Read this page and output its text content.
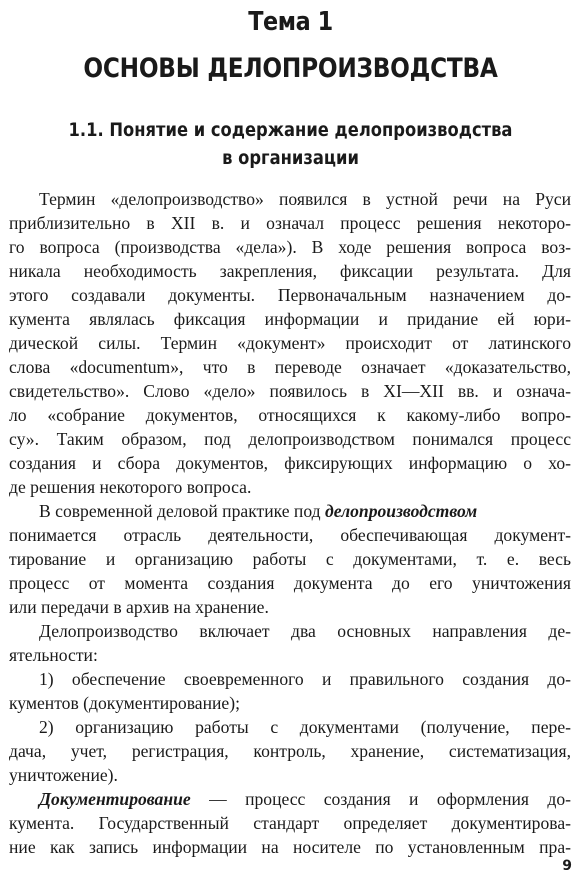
Тема 1
ОСНОВЫ ДЕЛОПРОИЗВОДСТВА
1.1. Понятие и содержание делопроизводства
в организации
Термин «делопроизводство» появился в устной речи на Руси
приблизительно в XII в. и означал процесс решения некоторо-
го вопроса (производства «дела»). В ходе решения вопроса воз-
никала необходимость закрепления, фиксации результата. Для
этого создавали документы. Первоначальным назначением до-
кумента являлась фиксация информации и придание ей юри-
дической силы. Термин «документ» происходит от латинского
слова «documentum», что в переводе означает «доказательство,
свидетельство». Слово «дело» появилось в XI—XII вв. и означа-
ло «собрание документов, относящихся к какому-либо вопро-
су». Таким образом, под делопроизводством понимался процесс
создания и сбора документов, фиксирующих информацию о хо-
де решения некоторого вопроса.
В современной деловой практике под делопроизводством
понимается отрасль деятельности, обеспечивающая документ-
тирование и организацию работы с документами, т. е. весь
процесс от момента создания документа до его уничтожения
или передачи в архив на хранение.
Делопроизводство включает два основных направления де-
ятельности:
1) обеспечение своевременного и правильного создания до-
кументов (документирование);
2) организацию работы с документами (получение, пере-
дача, учет, регистрация, контроль, хранение, систематизация,
уничтожение).
Документирование — процесс создания и оформления до-
кумента. Государственный стандарт определяет документирова-
ние как запись информации на носителе по установленным пра-
9
